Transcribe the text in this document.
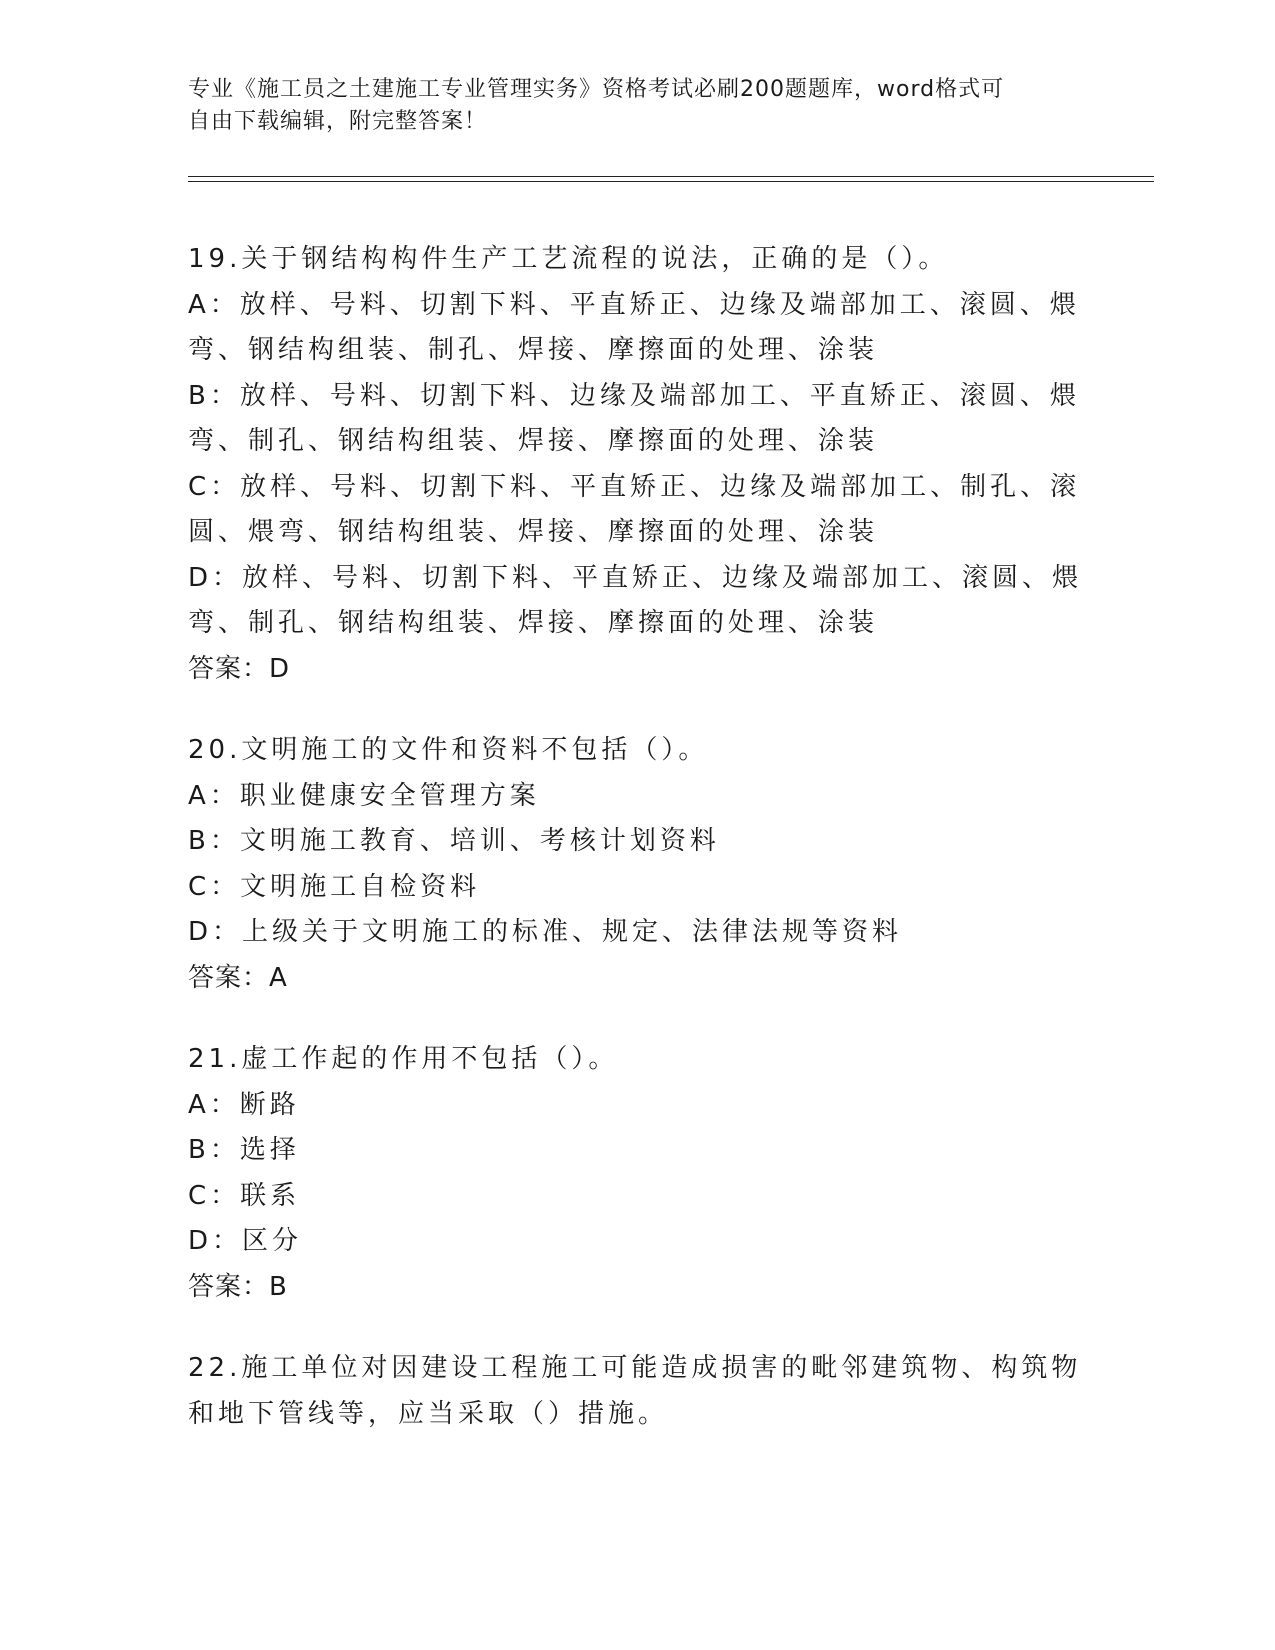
专业《施工员之土建施工专业管理实务》资格考试必刷200题题库，word格式可
自由下载编辑，附完整答案！

19.关于钢结构构件生产工艺流程的说法，正确的是（）。

A：放样、号料、切割下料、平直矫正、边缘及端部加工、滚圆、煨弯、钢结构组装、制孔、焊接、摩擦面的处理、涂装

B：放样、号料、切割下料、边缘及端部加工、平直矫正、滚圆、煨弯、制孔、钢结构组装、焊接、摩擦面的处理、涂装

C：放样、号料、切割下料、平直矫正、边缘及端部加工、制孔、滚圆、煨弯、钢结构组装、焊接、摩擦面的处理、涂装

D：放样、号料、切割下料、平直矫正、边缘及端部加工、滚圆、煨弯、制孔、钢结构组装、焊接、摩擦面的处理、涂装

答案：D

20.文明施工的文件和资料不包括（）。

A：职业健康安全管理方案

B：文明施工教育、培训、考核计划资料

C：文明施工自检资料

D：上级关于文明施工的标准、规定、法律法规等资料

答案：A

21.虚工作起的作用不包括（）。

A：断路

B：选择

C：联系

D：区分

答案：B

22.施工单位对因建设工程施工可能造成损害的毗邻建筑物、构筑物和地下管线等，应当采取（）措施。
